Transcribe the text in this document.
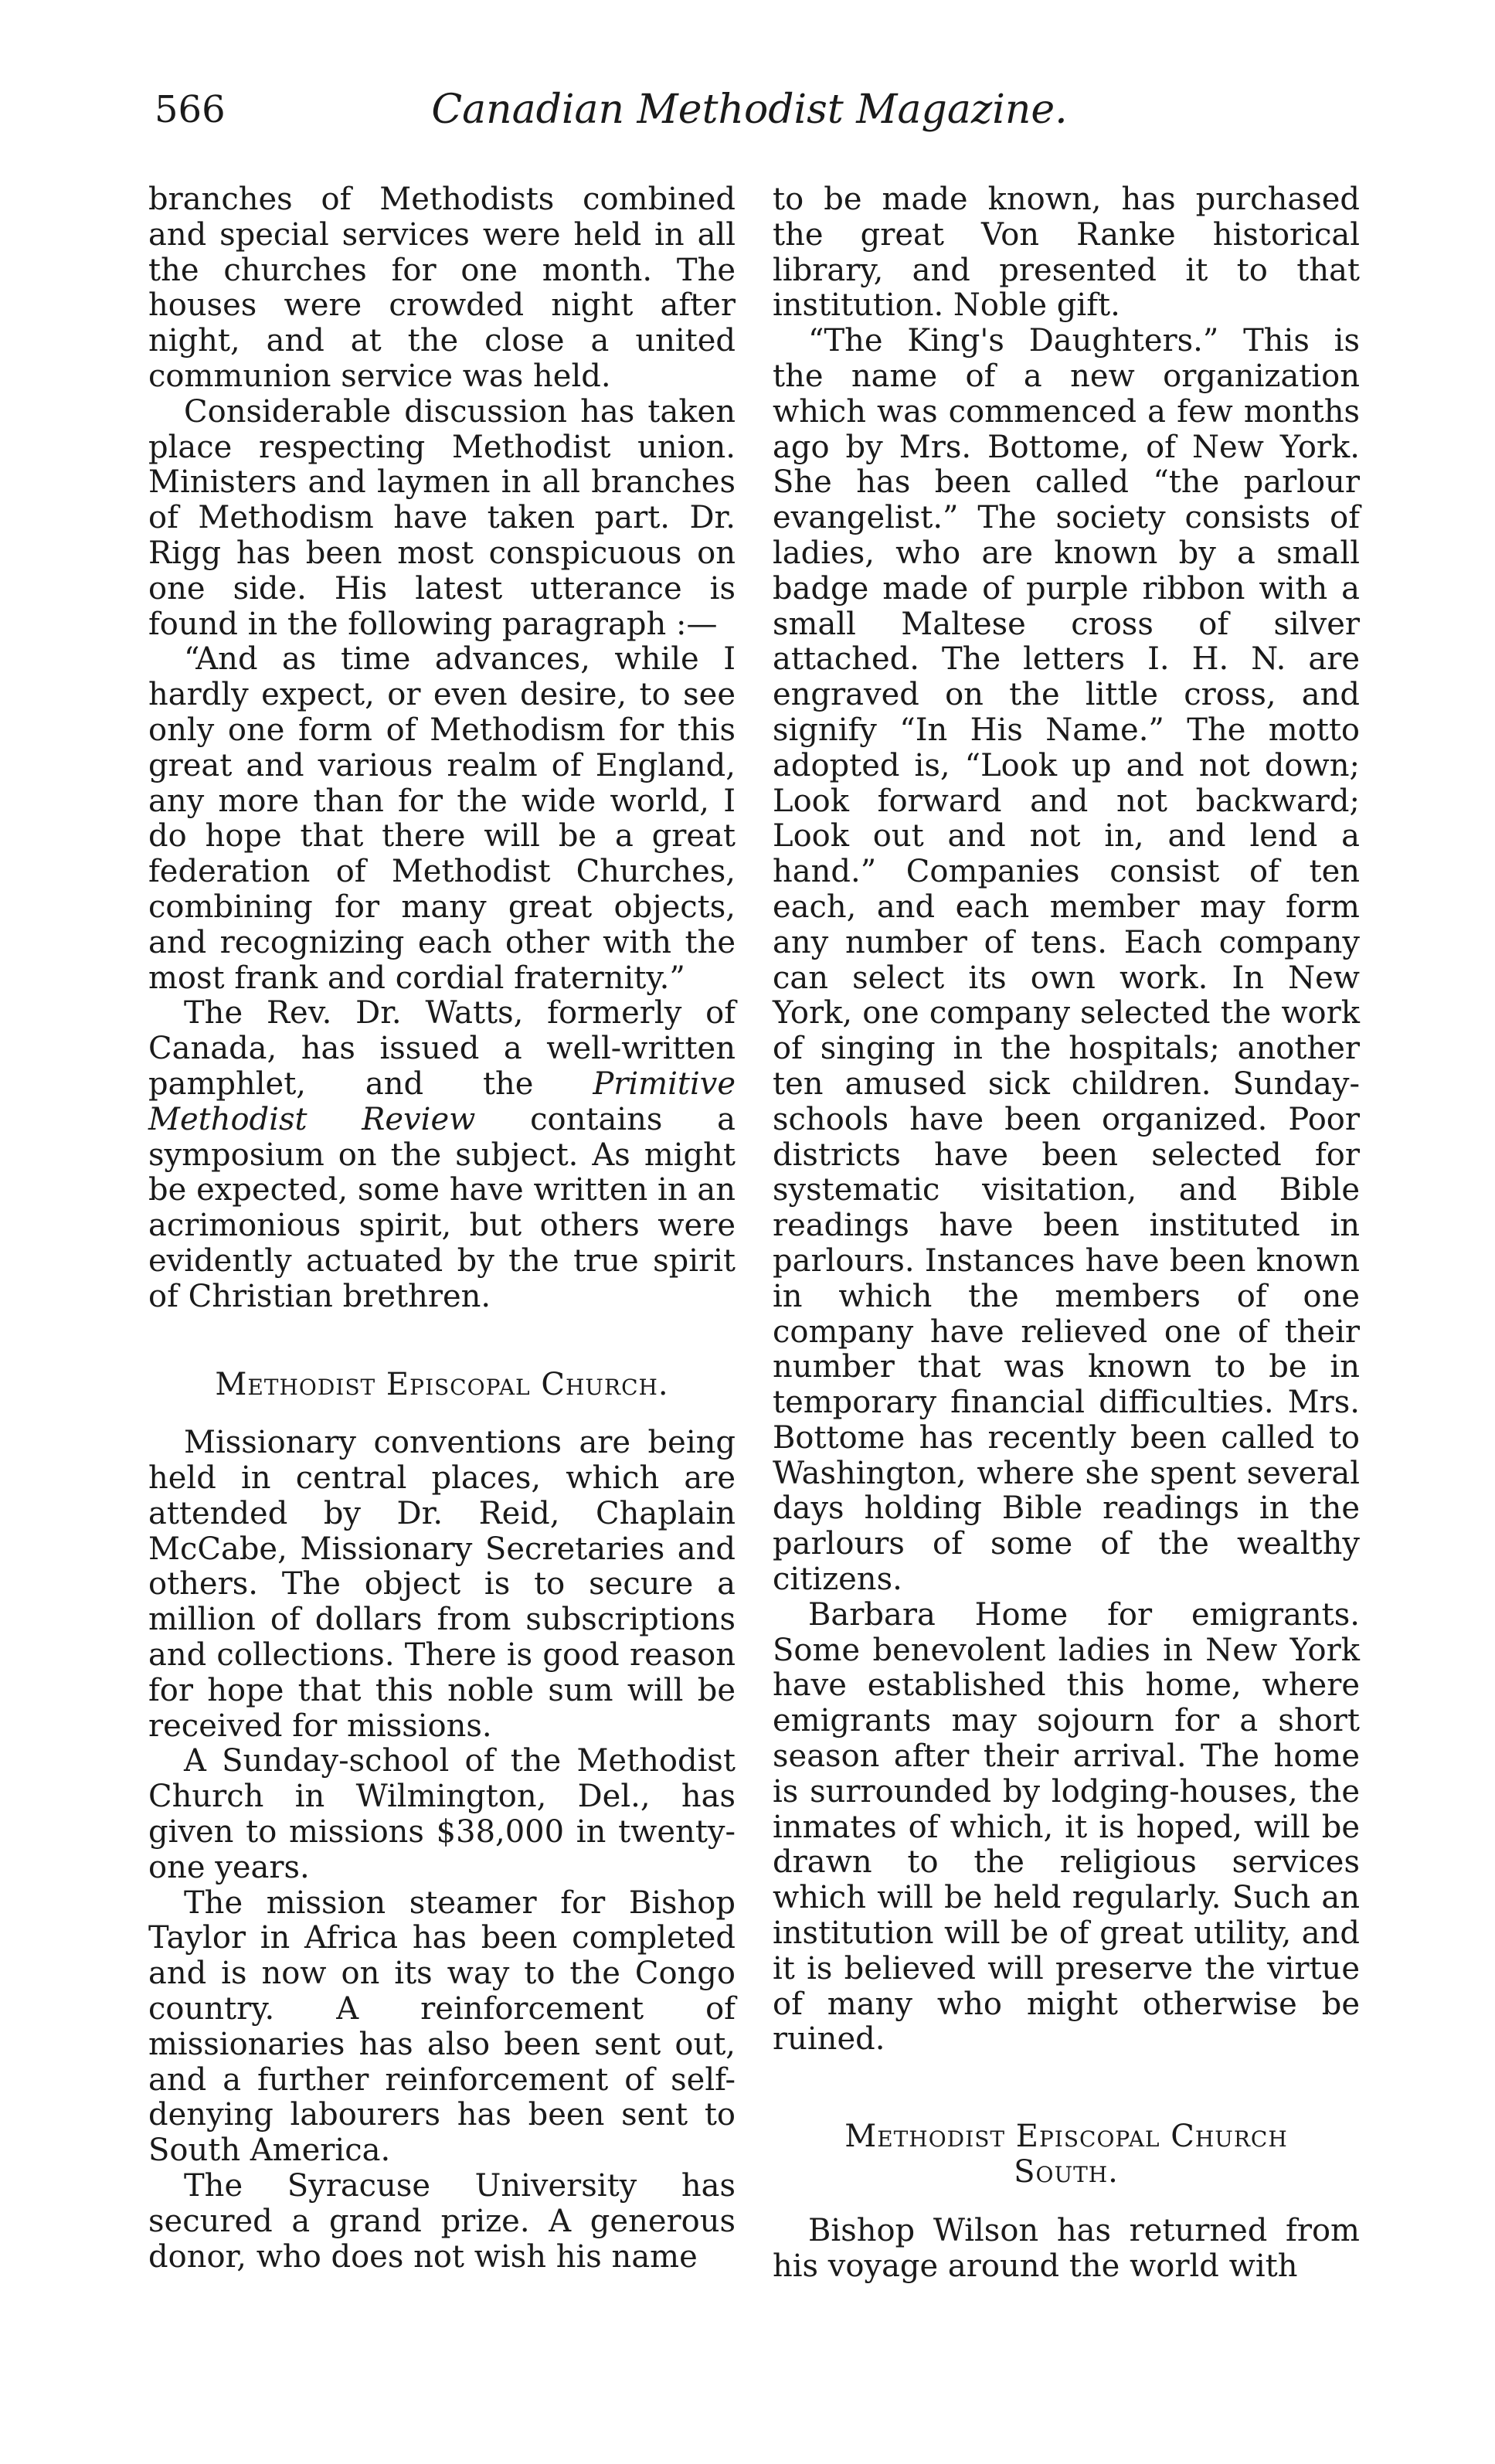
566	Canadian Methodist Magazine.

branches of Methodists combined and special services were held in all the churches for one month. The houses were crowded night after night, and at the close a united communion service was held.

Considerable discussion has taken place respecting Methodist union. Ministers and laymen in all branches of Methodism have taken part. Dr. Rigg has been most conspicuous on one side. His latest utterance is found in the following paragraph :—

“And as time advances, while I hardly expect, or even desire, to see only one form of Methodism for this great and various realm of England, any more than for the wide world, I do hope that there will be a great federation of Methodist Churches, combining for many great objects, and recognizing each other with the most frank and cordial fraternity.”

The Rev. Dr. Watts, formerly of Canada, has issued a well-written pamphlet, and the Primitive Methodist Review contains a symposium on the subject. As might be expected, some have written in an acrimonious spirit, but others were evidently actuated by the true spirit of Christian brethren.

Methodist Episcopal Church.

Missionary conventions are being held in central places, which are attended by Dr. Reid, Chaplain McCabe, Missionary Secretaries and others. The object is to secure a million of dollars from subscriptions and collections. There is good reason for hope that this noble sum will be received for missions.

A Sunday-school of the Methodist Church in Wilmington, Del., has given to missions $38,000 in twenty-one years.

The mission steamer for Bishop Taylor in Africa has been completed and is now on its way to the Congo country. A reinforcement of missionaries has also been sent out, and a further reinforcement of self-denying labourers has been sent to South America.

The Syracuse University has secured a grand prize. A generous donor, who does not wish his name

to be made known, has purchased the great Von Ranke historical library, and presented it to that institution. Noble gift.

“The King's Daughters.” This is the name of a new organization which was commenced a few months ago by Mrs. Bottome, of New York. She has been called “the parlour evangelist.” The society consists of ladies, who are known by a small badge made of purple ribbon with a small Maltese cross of silver attached. The letters I. H. N. are engraved on the little cross, and signify “In His Name.” The motto adopted is, “Look up and not down; Look forward and not backward; Look out and not in, and lend a hand.” Companies consist of ten each, and each member may form any number of tens. Each company can select its own work. In New York, one company selected the work of singing in the hospitals; another ten amused sick children. Sunday-schools have been organized. Poor districts have been selected for systematic visitation, and Bible readings have been instituted in parlours. Instances have been known in which the members of one company have relieved one of their number that was known to be in temporary financial difficulties. Mrs. Bottome has recently been called to Washington, where she spent several days holding Bible readings in the parlours of some of the wealthy citizens.

Barbara Home for emigrants. Some benevolent ladies in New York have established this home, where emigrants may sojourn for a short season after their arrival. The home is surrounded by lodging-houses, the inmates of which, it is hoped, will be drawn to the religious services which will be held regularly. Such an institution will be of great utility, and it is believed will preserve the virtue of many who might otherwise be ruined.

Methodist Episcopal Church
South.

Bishop Wilson has returned from his voyage around the world with
